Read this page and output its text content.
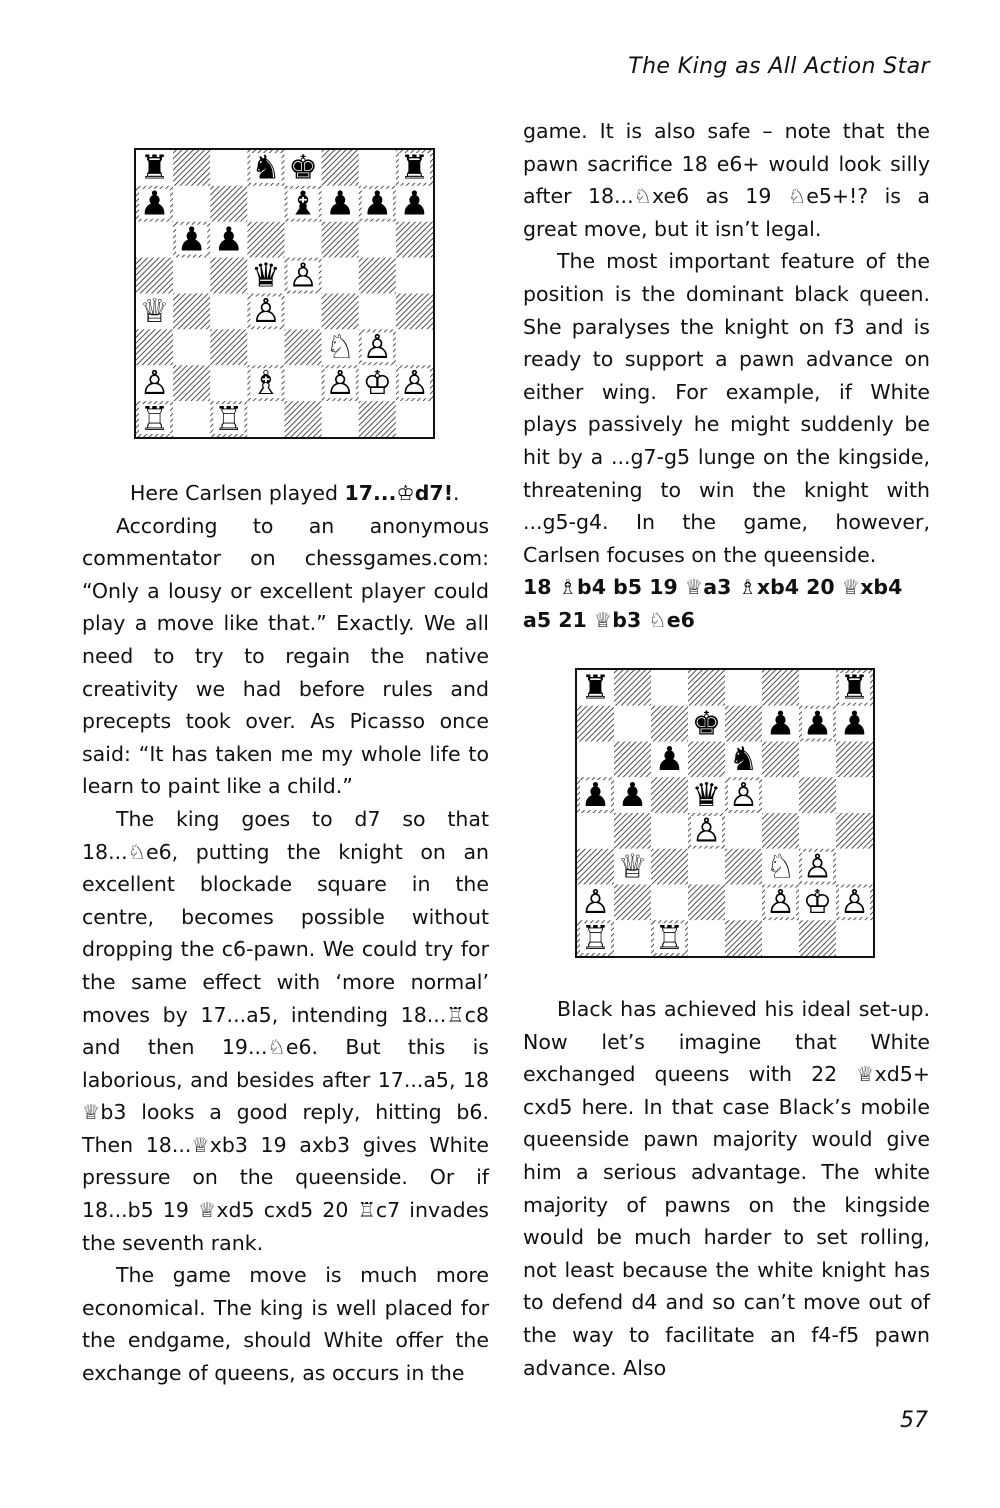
The King as All Action Star
♜ ♞ ♚ ♜
♟	♝ ♟ ♟ ♟
♟ ♟
♛ ♙
♕ ♙
♘ ♙
♙ ♗ ♙ ♔ ♙
♖ ♖
♜	♜
♚ ♟ ♟ ♟
♟ ♞
♟ ♟ ♛ ♙
♙
♕	♘ ♙
♙	♙ ♔ ♙
♖ ♖

Here Carlsen played 17...♔d7!.

According to an anonymous commentator on chessgames.com: “Only a lousy or excellent player could play a move like that.” Exactly. We all need to try to regain the native creativity we had before rules and precepts took over. As Picasso once said: “It has taken me my whole life to learn to paint like a child.”

The king goes to d7 so that 18...♘e6, putting the knight on an excellent blockade square in the centre, becomes possible without dropping the c6-pawn. We could try for the same effect with ‘more normal’ moves by 17...a5, intending 18...♖c8 and then 19...♘e6. But this is laborious, and besides after 17...a5, 18 ♕b3 looks a good reply, hitting b6. Then 18...♕xb3 19 axb3 gives White pressure on the queenside. Or if 18...b5 19 ♕xd5 cxd5 20 ♖c7 invades the seventh rank.

The game move is much more economical. The king is well placed for the endgame, should White offer the exchange of queens, as occurs in the

game. It is also safe – note that the pawn sacrifice 18 e6+ would look silly after 18...♘xe6 as 19 ♘e5+!? is a great move, but it isn’t legal.

The most important feature of the position is the dominant black queen. She paralyses the knight on f3 and is ready to support a pawn advance on either wing. For example, if White plays passively he might suddenly be hit by a ...g7-g5 lunge on the kingside, threatening to win the knight with ...g5-g4. In the game, however, Carlsen focuses on the queenside.

18 ♗b4 b5 19 ♕a3 ♗xb4 20 ♕xb4 a5 21 ♕b3 ♘e6

Black has achieved his ideal set-up. Now let’s imagine that White exchanged queens with 22 ♕xd5+ cxd5 here. In that case Black’s mobile queenside pawn majority would give him a serious advantage. The white majority of pawns on the kingside would be much harder to set rolling, not least because the white knight has to defend d4 and so can’t move out of the way to facilitate an f4-f5 pawn advance. Also

57
